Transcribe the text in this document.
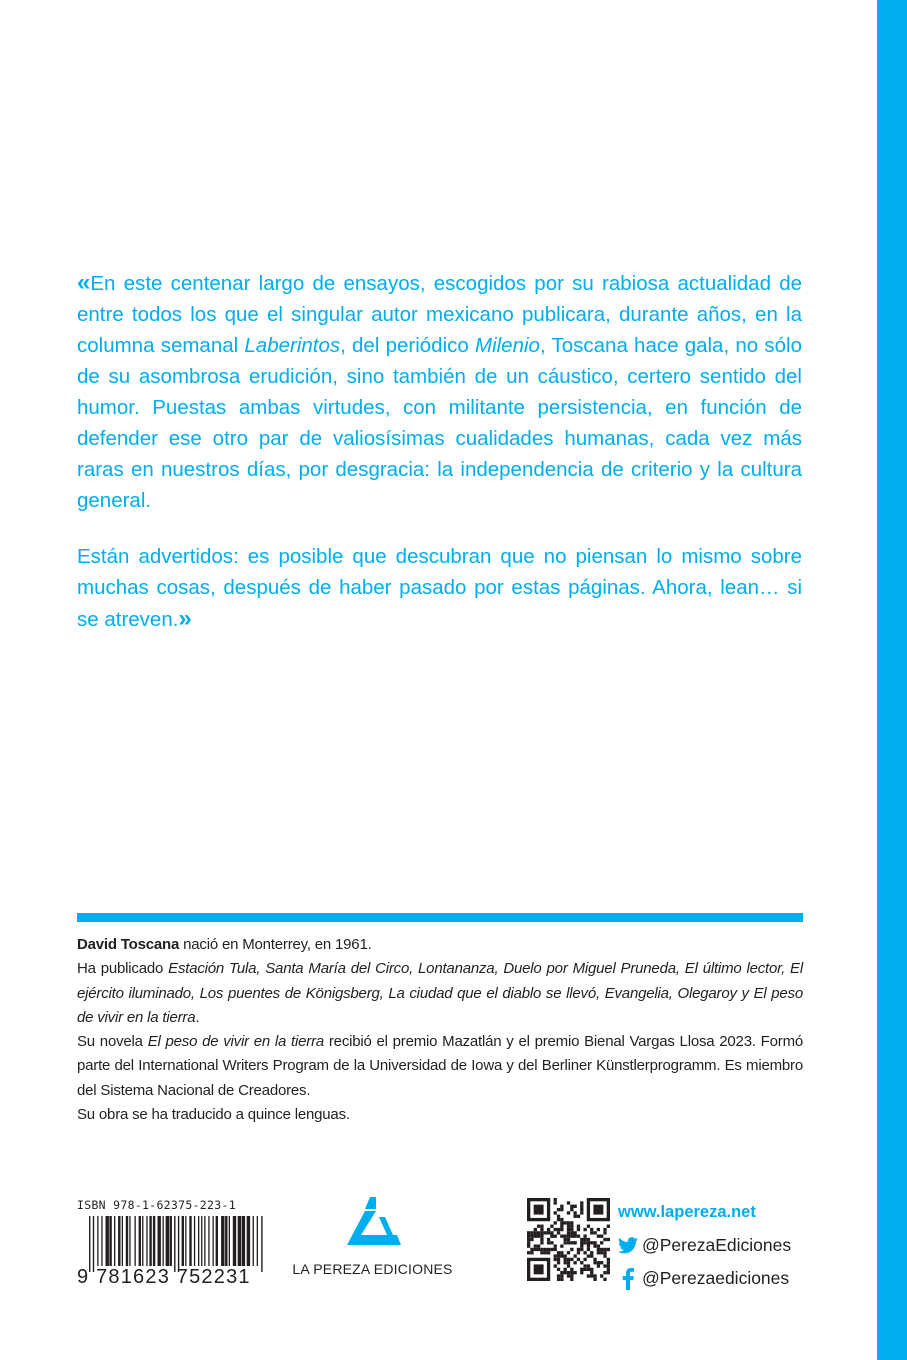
«En este centenar largo de ensayos, escogidos por su rabiosa actualidad de entre todos los que el singular autor mexicano publicara, durante años, en la columna semanal Laberintos, del periódico Milenio, Toscana hace gala, no sólo de su asombrosa erudición, sino también de un cáustico, certero sentido del humor. Puestas ambas virtudes, con militante persistencia, en función de defender ese otro par de valiosísimas cualidades humanas, cada vez más raras en nuestros días, por desgracia: la independencia de criterio y la cultura general.

Están advertidos: es posible que descubran que no piensan lo mismo sobre muchas cosas, después de haber pasado por estas páginas. Ahora, lean… si se atreven.»

David Toscana nació en Monterrey, en 1961.

Ha publicado Estación Tula, Santa María del Circo, Lontananza, Duelo por Miguel Pruneda, El último lector, El ejército iluminado, Los puentes de Königsberg, La ciudad que el diablo se llevó, Evangelia, Olegaroy y El peso de vivir en la tierra.

Su novela El peso de vivir en la tierra recibió el premio Mazatlán y el premio Bienal Vargas Llosa 2023. Formó parte del International Writers Program de la Universidad de Iowa y del Berliner Künstlerprogramm. Es miembro del Sistema Nacional de Creadores.

Su obra se ha traducido a quince lenguas.

ISBN 978-1-62375-223-1
9 781623 752231	LA PEREZA EDICIONES
www.lapereza.net
@PerezaEdiciones
@Perezaediciones
